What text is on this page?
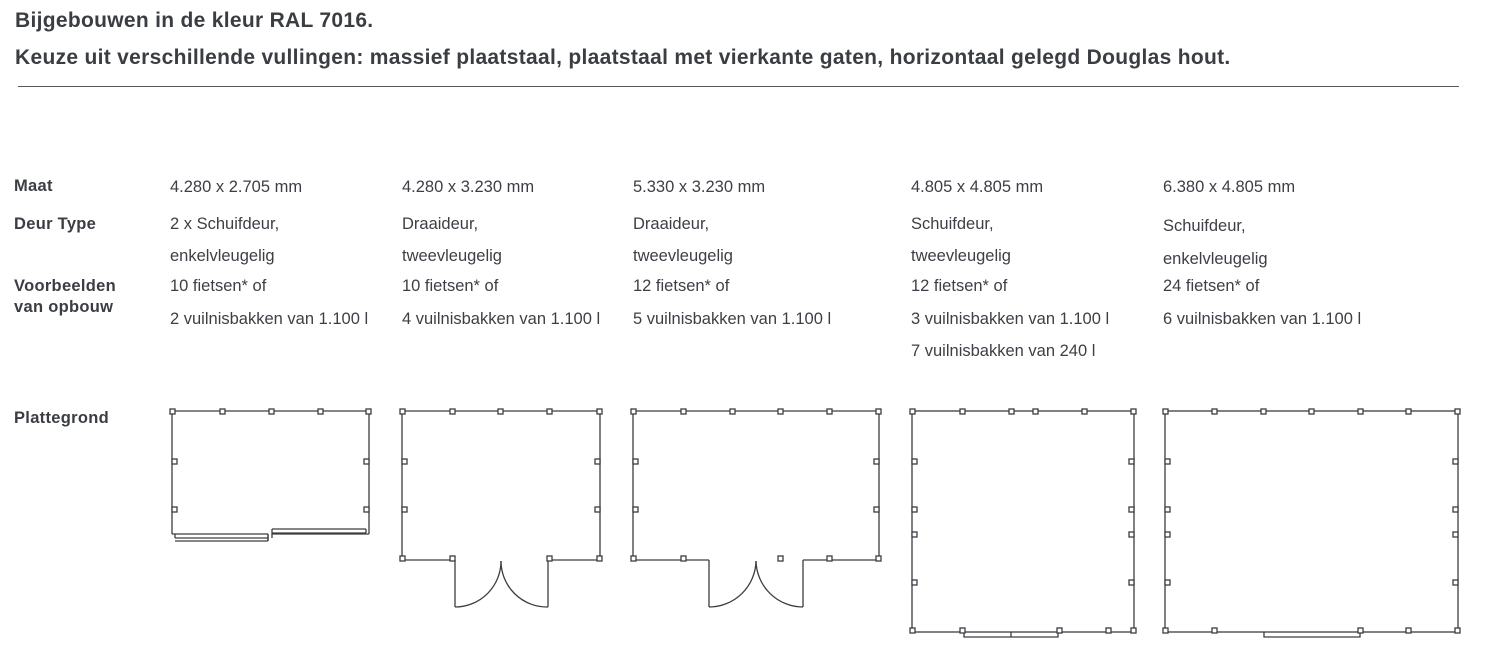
Bijgebouwen in de kleur RAL 7016.
Keuze uit verschillende vullingen: massief plaatstaal, plaatstaal met vierkante gaten, horizontaal gelegd Douglas hout.
Maat
Deur Type
Voorbeelden
van opbouw
Plattegrond
4.280 x 2.705 mm
2 x Schuifdeur,
enkelvleugelig
10 fietsen* of
2 vuilnisbakken van 1.100 l
4.280 x 3.230 mm
Draaideur,
tweevleugelig
10 fietsen* of
4 vuilnisbakken van 1.100 l
5.330 x 3.230 mm
Draaideur,
tweevleugelig
12 fietsen* of
5 vuilnisbakken van 1.100 l
4.805 x 4.805 mm
Schuifdeur,
tweevleugelig
12 fietsen* of
3 vuilnisbakken van 1.100 l
7 vuilnisbakken van 240 l
6.380 x 4.805 mm
Schuifdeur,
enkelvleugelig
24 fietsen* of
6 vuilnisbakken van 1.100 l
